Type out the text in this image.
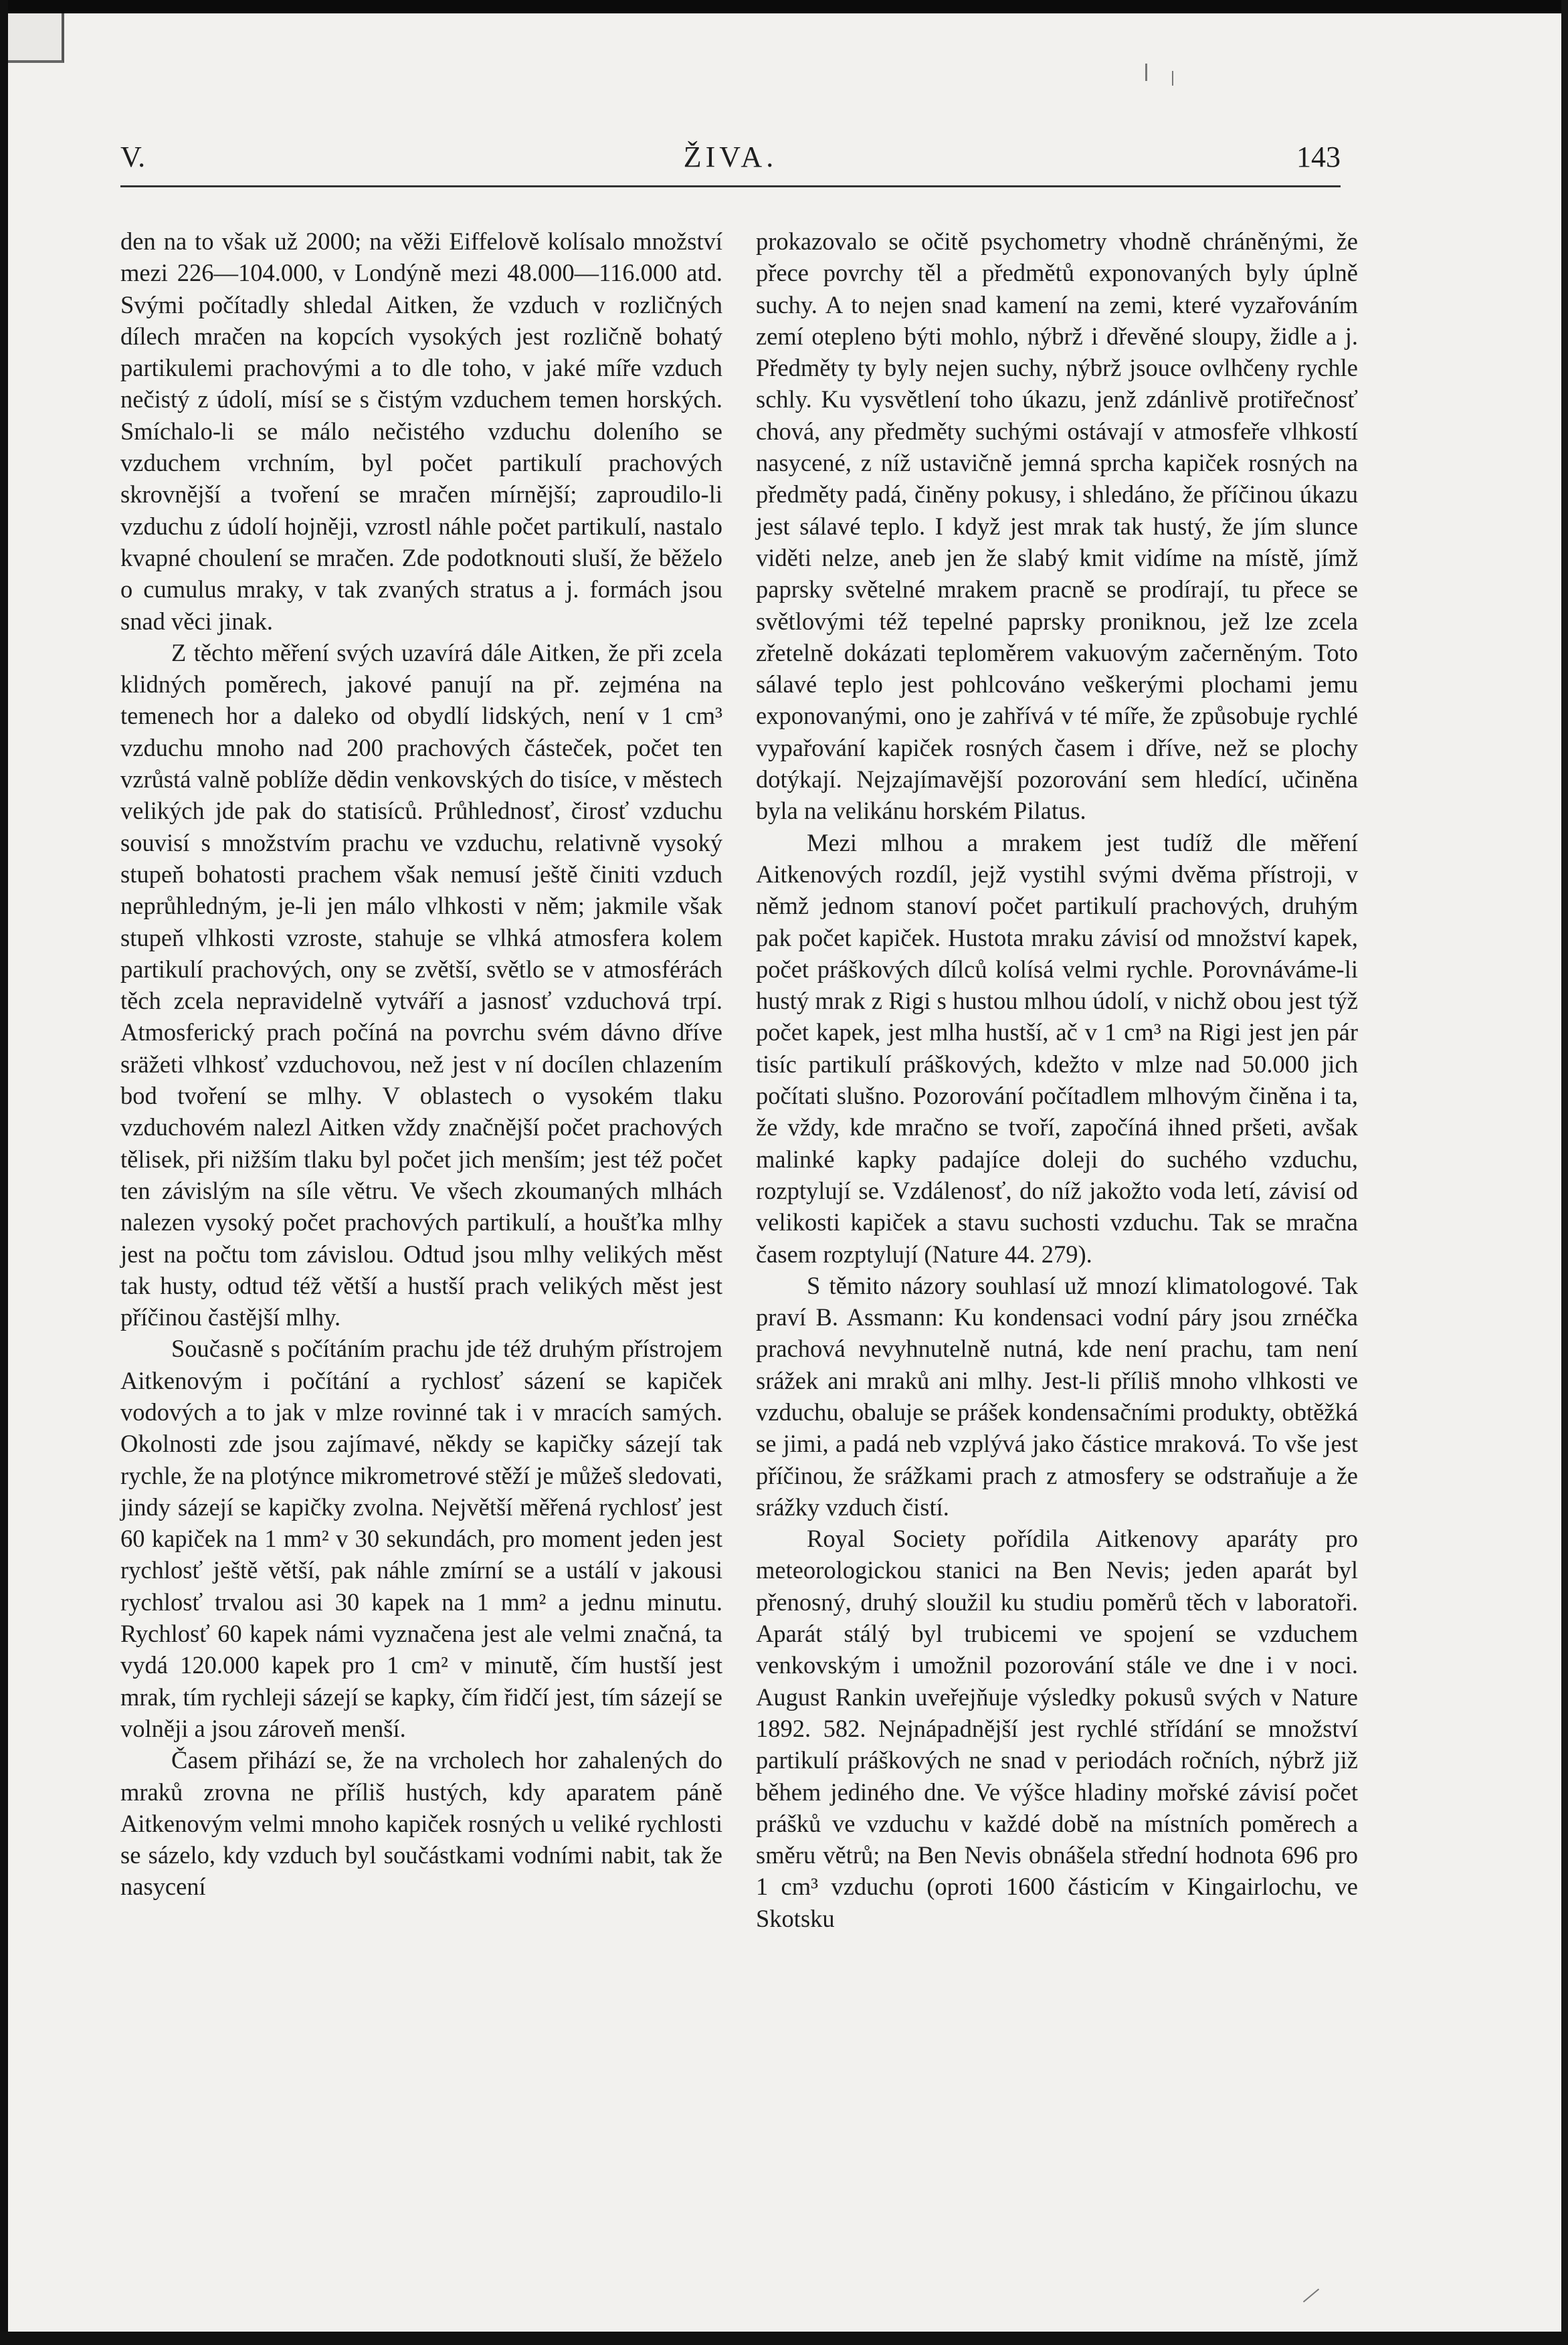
V.	ŽIVA.	143

den na to však už 2000; na věži Eiffelově kolísalo množství mezi 226—104.000, v Londýně mezi 48.000—116.000 atd. Svými počítadly shledal Aitken, že vzduch v rozličných dílech mračen na kopcích vysokých jest rozličně bohatý partikulemi prachovými a to dle toho, v jaké míře vzduch nečistý z údolí, mísí se s čistým vzduchem temen horských. Smíchalo-li se málo nečistého vzduchu doleního se vzduchem vrchním, byl počet partikulí prachových skrovnější a tvoření se mračen mírnější; zaproudilo-li vzduchu z údolí hojněji, vzrostl náhle počet partikulí, nastalo kvapné choulení se mračen. Zde podotknouti sluší, že běželo o cumulus mraky, v tak zvaných stratus a j. formách jsou snad věci jinak.

Z těchto měření svých uzavírá dále Aitken, že při zcela klidných poměrech, jakové panují na př. zejména na temenech hor a daleko od obydlí lidských, není v 1 cm³ vzduchu mnoho nad 200 prachových částeček, počet ten vzrůstá valně poblíže dědin venkovských do tisíce, v městech velikých jde pak do statisíců. Průhlednosť, čirosť vzduchu souvisí s množstvím prachu ve vzduchu, relativně vysoký stupeň bohatosti prachem však nemusí ještě činiti vzduch neprůhledným, je-li jen málo vlhkosti v něm; jakmile však stupeň vlhkosti vzroste, stahuje se vlhká atmosfera kolem partikulí prachových, ony se zvětší, světlo se v atmosférách těch zcela nepravidelně vytváří a jasnosť vzduchová trpí. Atmosferický prach počíná na povrchu svém dávno dříve sräžeti vlhkosť vzduchovou, než jest v ní docílen chlazením bod tvoření se mlhy. V oblastech o vysokém tlaku vzduchovém nalezl Aitken vždy značnější počet prachových tělisek, při nižším tlaku byl počet jich menším; jest též počet ten závislým na síle větru. Ve všech zkoumaných mlhách nalezen vysoký počet prachových partikulí, a houšťka mlhy jest na počtu tom závislou. Odtud jsou mlhy velikých měst tak husty, odtud též větší a hustší prach velikých měst jest příčinou častější mlhy.

Současně s počítáním prachu jde též druhým přístrojem Aitkenovým i počítání a rychlosť sázení se kapiček vodových a to jak v mlze rovinné tak i v mracích samých. Okolnosti zde jsou zajímavé, někdy se kapičky sázejí tak rychle, že na plotýnce mikrometrové stěží je můžeš sledovati, jindy sázejí se kapičky zvolna. Největší měřená rychlosť jest 60 kapiček na 1 mm² v 30 sekundách, pro moment jeden jest rychlosť ještě větší, pak náhle zmírní se a ustálí v jakousi rychlosť trvalou asi 30 kapek na 1 mm² a jednu minutu. Rychlosť 60 kapek námi vyznačena jest ale velmi značná, ta vydá 120.000 kapek pro 1 cm² v minutě, čím hustší jest mrak, tím rychleji sázejí se kapky, čím řidčí jest, tím sázejí se volněji a jsou zároveň menší.

Časem přihází se, že na vrcholech hor zahalených do mraků zrovna ne příliš hustých, kdy aparatem páně Aitkenovým velmi mnoho kapiček rosných u veliké rychlosti se sázelo, kdy vzduch byl součástkami vodními nabit, tak že nasycení

prokazovalo se očitě psychometry vhodně chráněnými, že přece povrchy těl a předmětů exponovaných byly úplně suchy. A to nejen snad kamení na zemi, které vyzařováním zemí otepleno býti mohlo, nýbrž i dřevěné sloupy, židle a j. Předměty ty byly nejen suchy, nýbrž jsouce ovlhčeny rychle schly. Ku vysvětlení toho úkazu, jenž zdánlivě protiřečnosť chová, any předměty suchými ostávají v atmosfeře vlhkostí nasycené, z níž ustavičně jemná sprcha kapiček rosných na předměty padá, činěny pokusy, i shledáno, že příčinou úkazu jest sálavé teplo. I když jest mrak tak hustý, že jím slunce viděti nelze, aneb jen že slabý kmit vidíme na místě, jímž paprsky světelné mrakem pracně se prodírají, tu přece se světlovými též tepelné paprsky proniknou, jež lze zcela zřetelně dokázati teploměrem vakuovým začerněným. Toto sálavé teplo jest pohlcováno veškerými plochami jemu exponovanými, ono je zahřívá v té míře, že způsobuje rychlé vypařování kapiček rosných časem i dříve, než se plochy dotýkají. Nejzajímavější pozorování sem hledící, učiněna byla na velikánu horském Pilatus.

Mezi mlhou a mrakem jest tudíž dle měření Aitkenových rozdíl, jejž vystihl svými dvěma přístroji, v němž jednom stanoví počet partikulí prachových, druhým pak počet kapiček. Hustota mraku závisí od množství kapek, počet práškových dílců kolísá velmi rychle. Porovnáváme-li hustý mrak z Rigi s hustou mlhou údolí, v nichž obou jest týž počet kapek, jest mlha hustší, ač v 1 cm³ na Rigi jest jen pár tisíc partikulí práškových, kdežto v mlze nad 50.000 jich počítati slušno. Pozorování počítadlem mlhovým činěna i ta, že vždy, kde mračno se tvoří, započíná ihned pršeti, avšak malinké kapky padajíce doleji do suchého vzduchu, rozptylují se. Vzdálenosť, do níž jakožto voda letí, závisí od velikosti kapiček a stavu suchosti vzduchu. Tak se mračna časem rozptylují (Nature 44. 279).

S těmito názory souhlasí už mnozí klimatologové. Tak praví B. Assmann: Ku kondensaci vodní páry jsou zrnéčka prachová nevyhnutelně nutná, kde není prachu, tam není srážek ani mraků ani mlhy. Jest-li příliš mnoho vlhkosti ve vzduchu, obaluje se prášek kondensačními produkty, obtěžká se jimi, a padá neb vzplývá jako částice mraková. To vše jest příčinou, že srážkami prach z atmosfery se odstraňuje a že srážky vzduch čistí.

Royal Society pořídila Aitkenovy aparáty pro meteorologickou stanici na Ben Nevis; jeden aparát byl přenosný, druhý sloužil ku studiu poměrů těch v laboratoři. Aparát stálý byl trubicemi ve spojení se vzduchem venkovským i umožnil pozorování stále ve dne i v noci. August Rankin uveřejňuje výsledky pokusů svých v Nature 1892. 582. Nejnápadnější jest rychlé střídání se množství partikulí práškových ne snad v periodách ročních, nýbrž již během jediného dne. Ve výšce hladiny mořské závisí počet prášků ve vzduchu v každé době na místních poměrech a směru větrů; na Ben Nevis obnášela střední hodnota 696 pro 1 cm³ vzduchu (oproti 1600 částicím v Kingairlochu, ve Skotsku
